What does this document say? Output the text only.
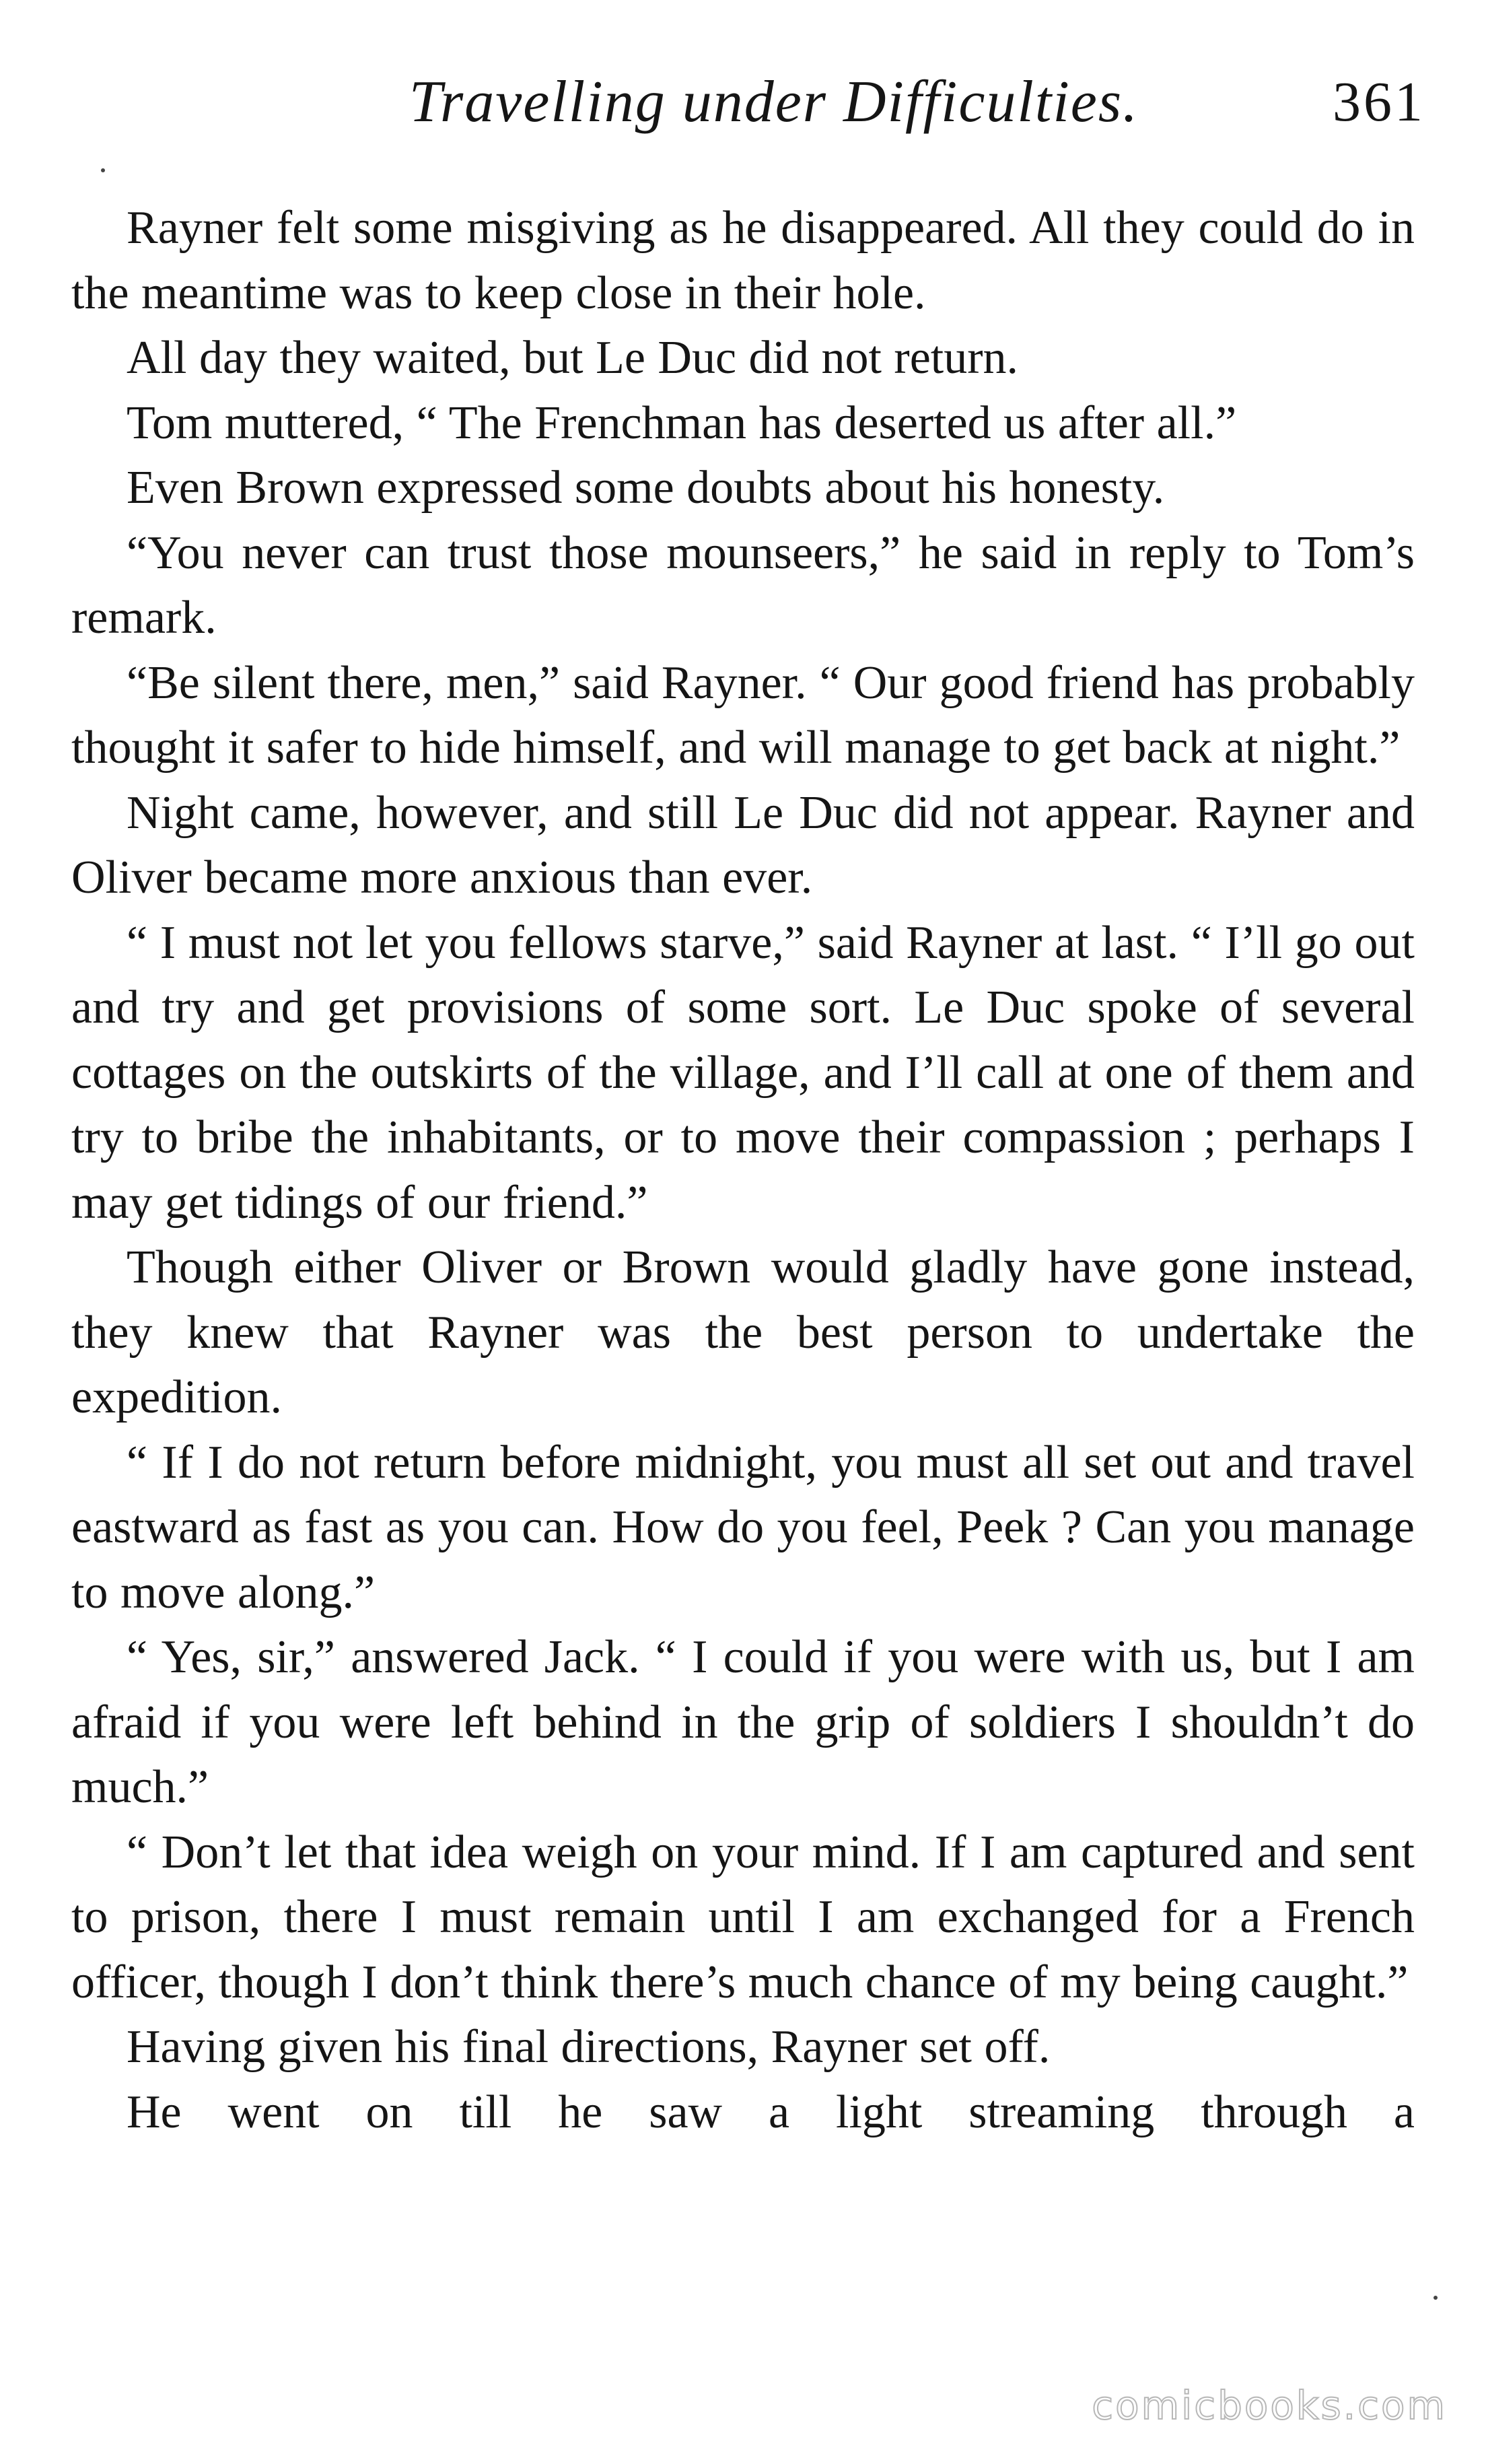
Travelling under Difficulties.	361

Rayner felt some misgiving as he disappeared. All they could do in the meantime was to keep close in their hole.

All day they waited, but Le Duc did not return.

Tom muttered, “ The Frenchman has deserted us after all.”

Even Brown expressed some doubts about his honesty.

“You never can trust those mounseers,” he said in reply to Tom’s remark.

“Be silent there, men,” said Rayner. “ Our good friend has probably thought it safer to hide himself, and will manage to get back at night.”

Night came, however, and still Le Duc did not appear. Rayner and Oliver became more anxious than ever.

“ I must not let you fellows starve,” said Rayner at last. “ I’ll go out and try and get provisions of some sort. Le Duc spoke of several cottages on the outskirts of the village, and I’ll call at one of them and try to bribe the inhabitants, or to move their compassion ; perhaps I may get tidings of our friend.”

Though either Oliver or Brown would gladly have gone instead, they knew that Rayner was the best person to undertake the expedition.

“ If I do not return before midnight, you must all set out and travel eastward as fast as you can. How do you feel, Peek ? Can you manage to move along.”

“ Yes, sir,” answered Jack. “ I could if you were with us, but I am afraid if you were left behind in the grip of soldiers I shouldn’t do much.”

“ Don’t let that idea weigh on your mind. If I am captured and sent to prison, there I must remain until I am exchanged for a French officer, though I don’t think there’s much chance of my being caught.”

Having given his final directions, Rayner set off.

He went on till he saw a light streaming through a

comicbooks.com
